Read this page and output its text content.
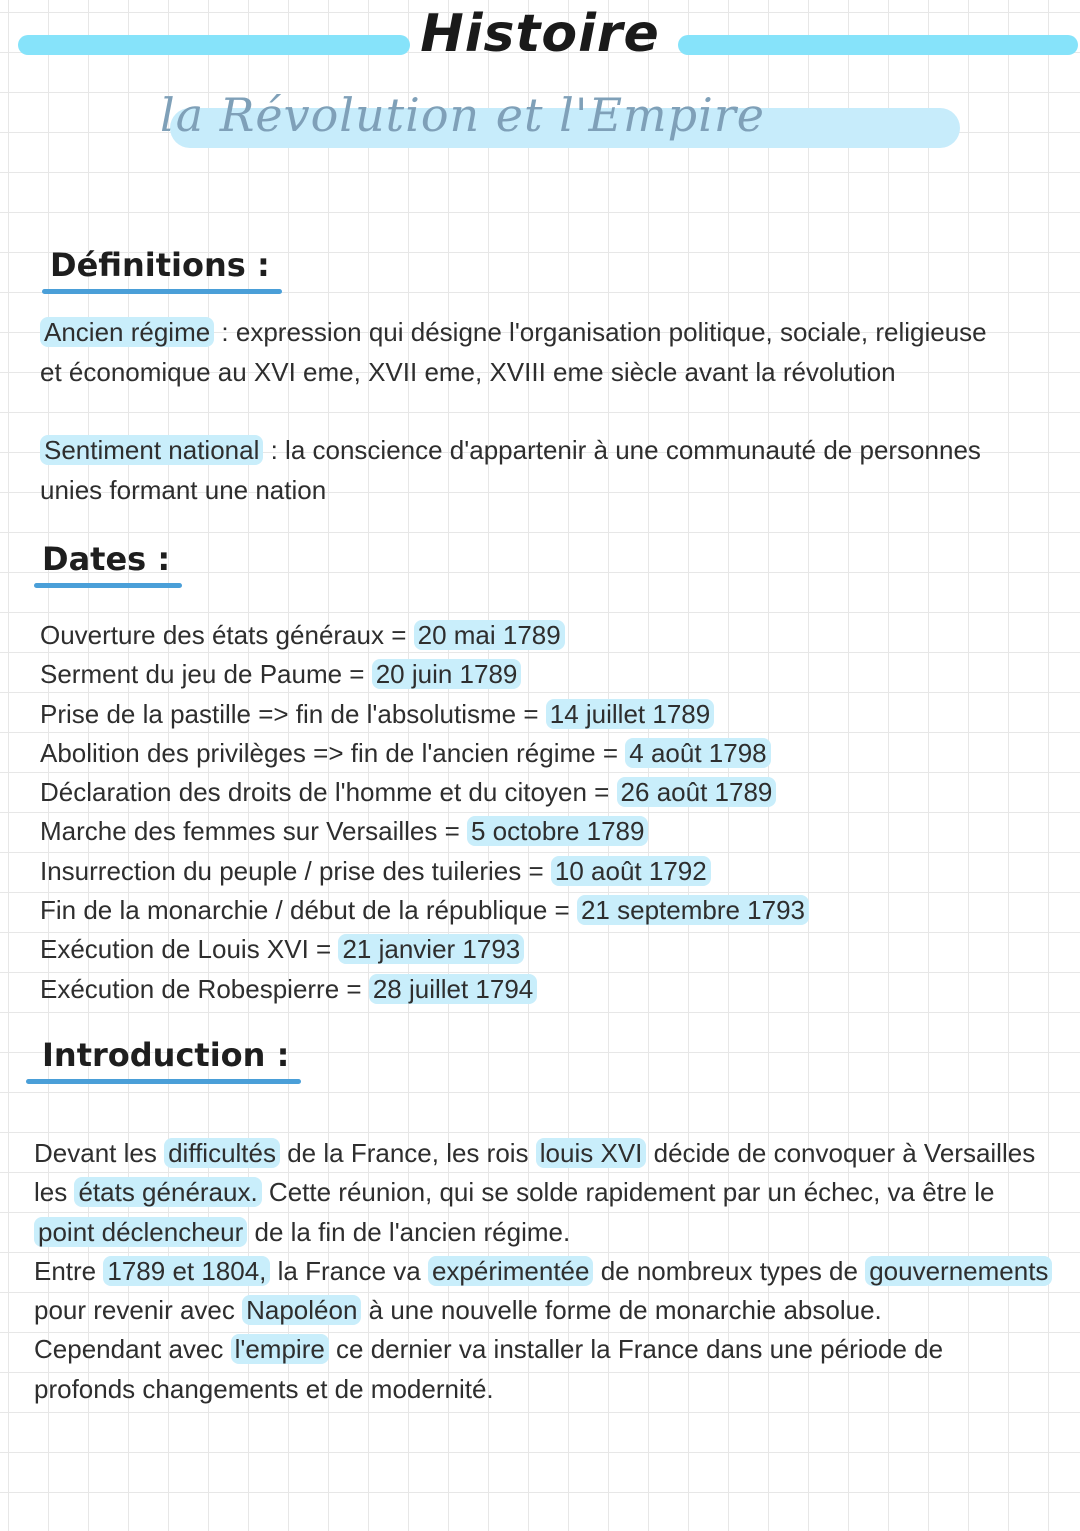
Histoire
la Révolution et l'Empire
Définitions :
Ancien régime : expression qui désigne l'organisation politique, sociale, religieuse
et économique au XVI eme, XVII eme, XVIII eme siècle avant la révolution
Sentiment national : la conscience d'appartenir à une communauté de personnes
unies formant une nation
Dates :
Ouverture des états généraux = 20 mai 1789
Serment du jeu de Paume = 20 juin 1789
Prise de la pastille => fin de l'absolutisme = 14 juillet 1789
Abolition des privilèges => fin de l'ancien régime = 4 août 1798
Déclaration des droits de l'homme et du citoyen = 26 août 1789
Marche des femmes sur Versailles = 5 octobre 1789
Insurrection du peuple / prise des tuileries = 10 août 1792
Fin de la monarchie / début de la république = 21 septembre 1793
Exécution de Louis XVI = 21 janvier 1793
Exécution de Robespierre = 28 juillet 1794
Introduction :
Devant les difficultés de la France, les rois louis XVI décide de convoquer à Versailles
les états généraux. Cette réunion, qui se solde rapidement par un échec, va être le
point déclencheur de la fin de l'ancien régime.
Entre 1789 et 1804, la France va expérimentée de nombreux types de gouvernements
pour revenir avec Napoléon à une nouvelle forme de monarchie absolue.
Cependant avec l'empire ce dernier va installer la France dans une période de
profonds changements et de modernité.
